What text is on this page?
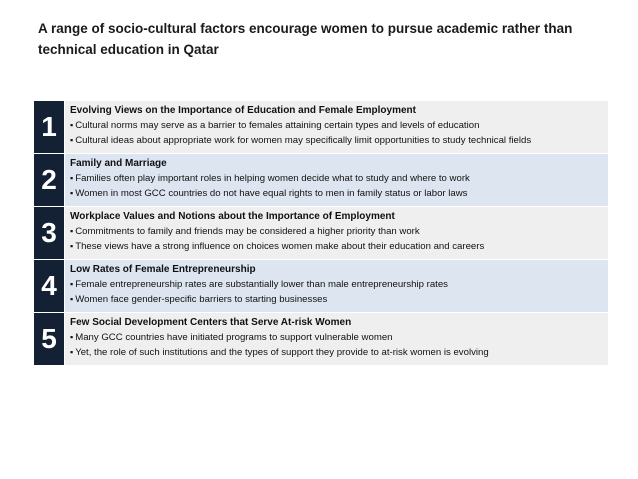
A range of socio-cultural factors encourage women to pursue academic rather than technical education in Qatar
1
Evolving Views on the Importance of Education and Female Employment
▪ Cultural norms may serve as a barrier to females attaining certain types and levels of education
▪ Cultural ideas about appropriate work for women may specifically limit opportunities to study technical fields
2
Family and Marriage
▪ Families often play important roles in helping women decide what to study and where to work
▪ Women in most GCC countries do not have equal rights to men in family status or labor laws
3
Workplace Values and Notions about the Importance of Employment
▪ Commitments to family and friends may be considered a higher priority than work
▪ These views have a strong influence on choices women make about their education and careers
4
Low Rates of Female Entrepreneurship
▪ Female entrepreneurship rates are substantially lower than male entrepreneurship rates
▪ Women face gender-specific barriers to starting businesses
5
Few Social Development Centers that Serve At-risk Women
▪ Many GCC countries have initiated programs to support vulnerable women
▪ Yet, the role of such institutions and the types of support they provide to at-risk women is evolving
